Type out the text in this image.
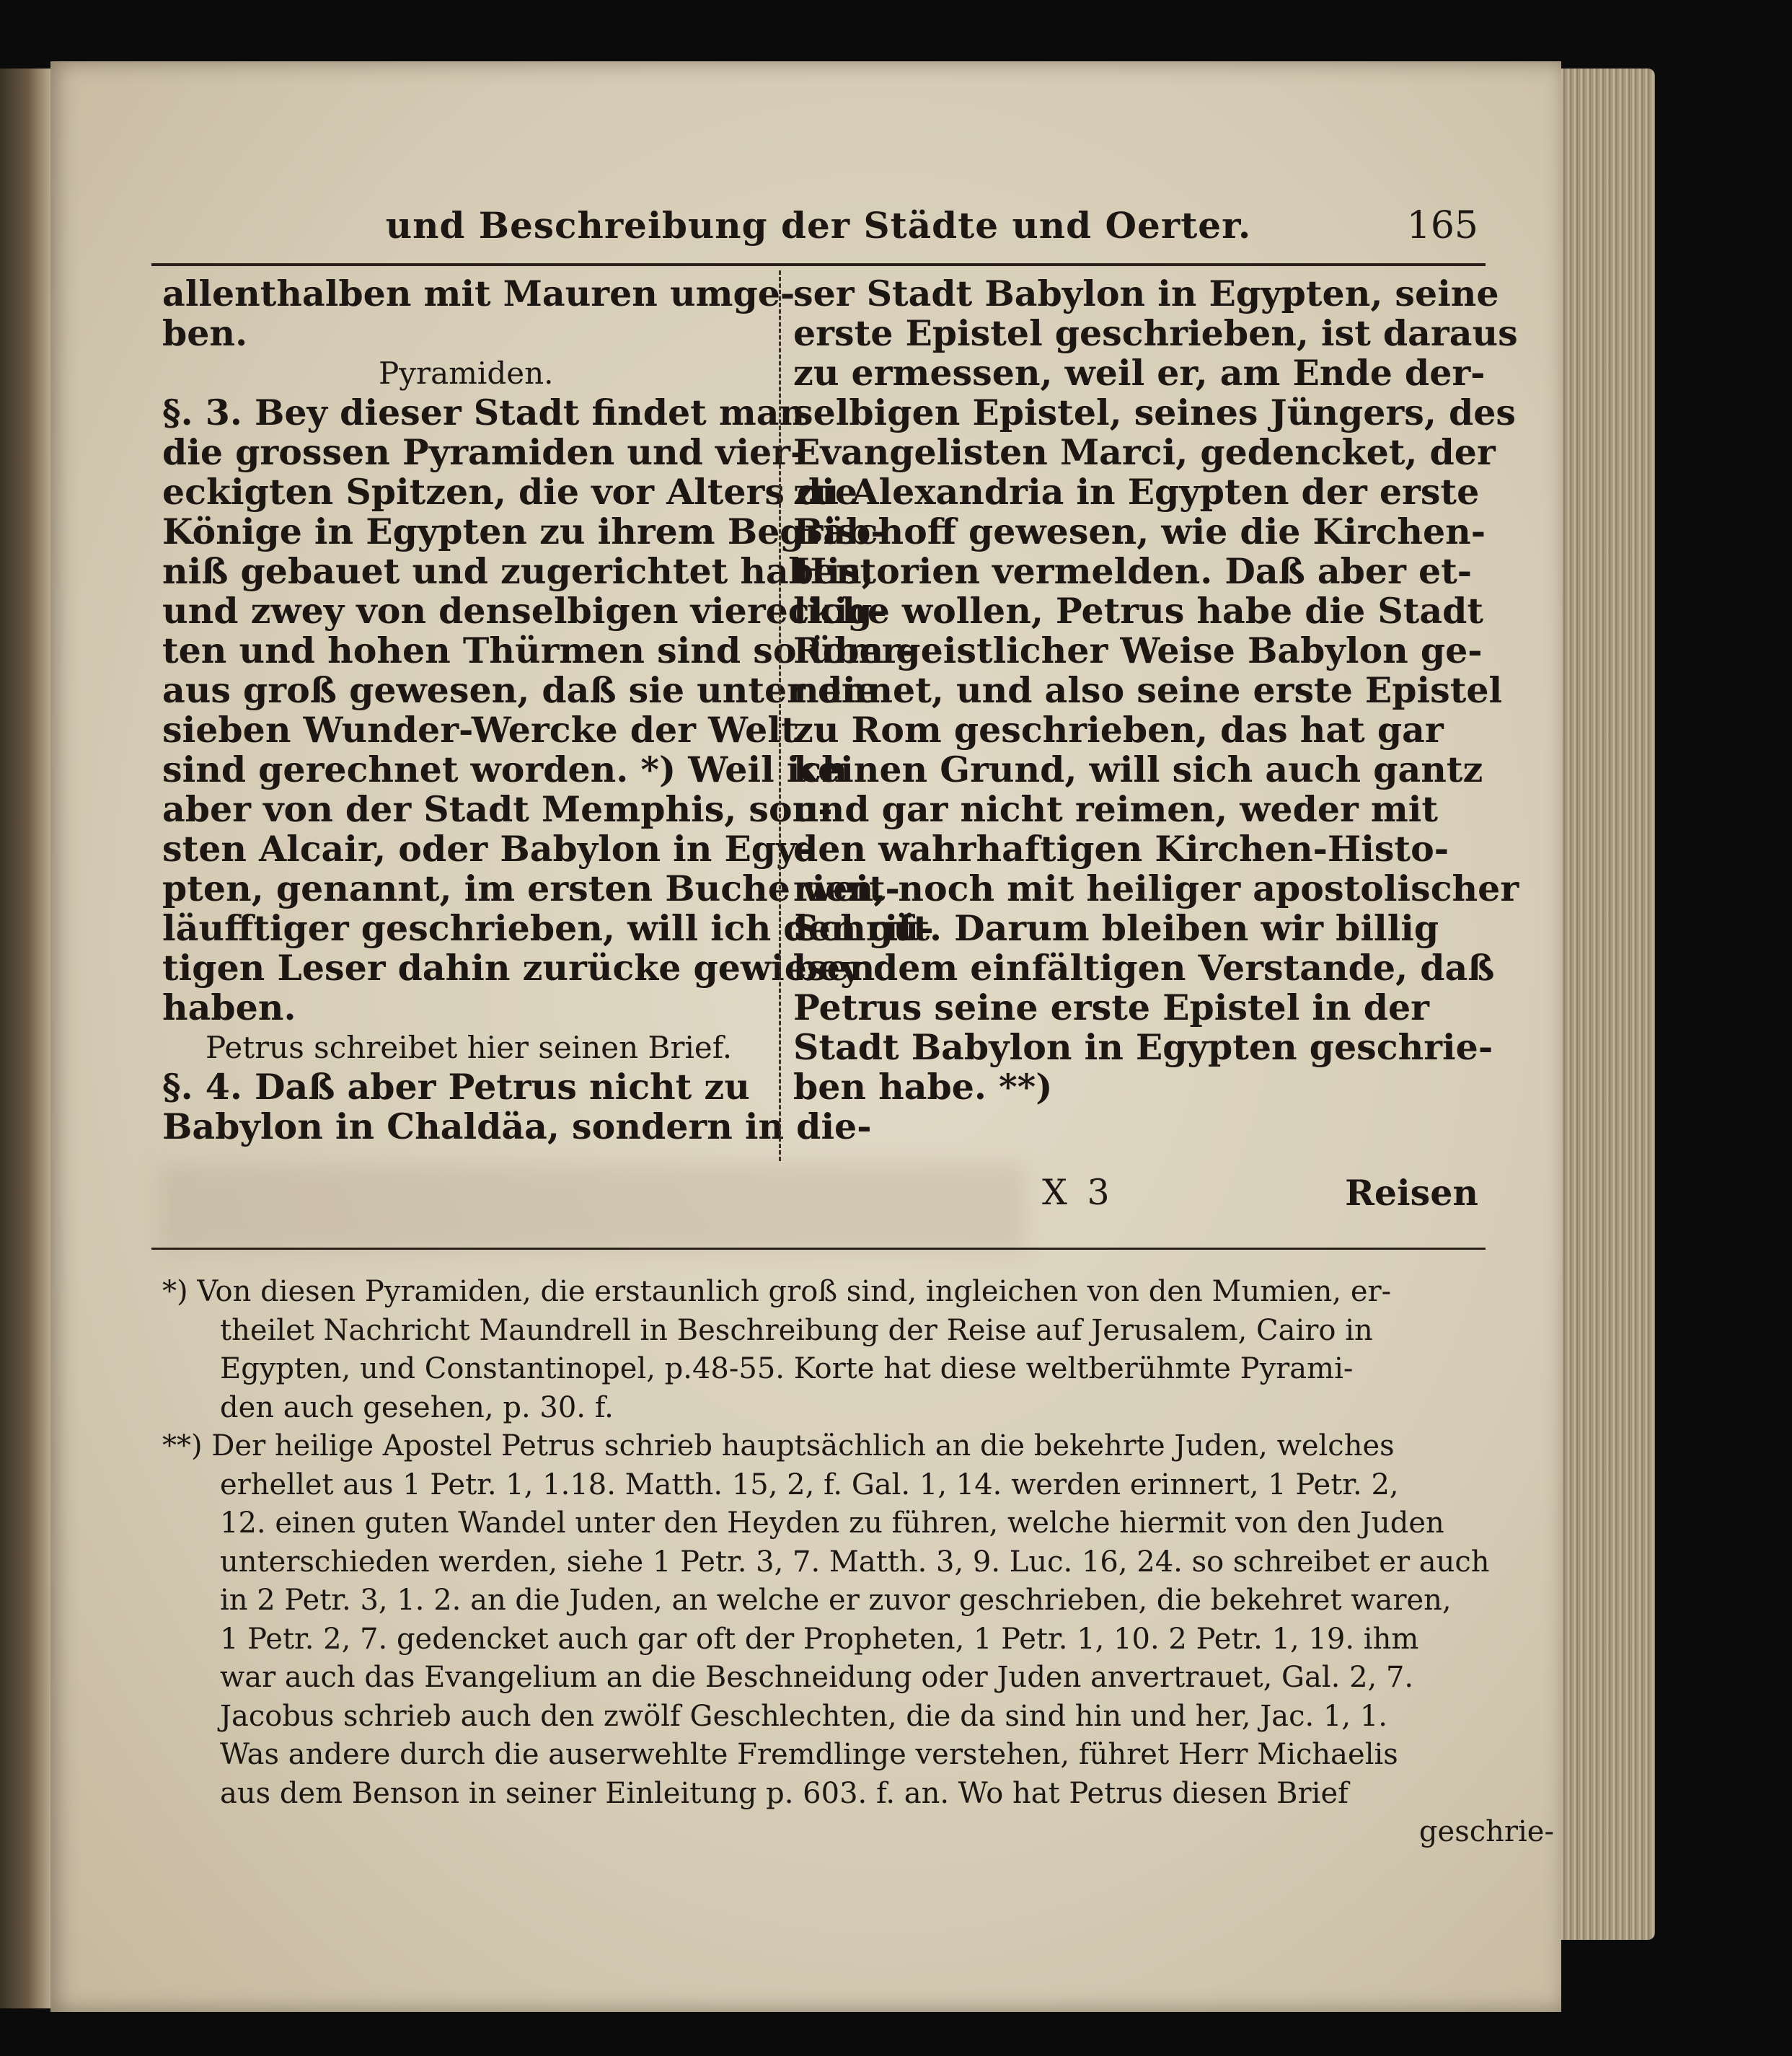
und Beschreibung der Städte und Oerter.	165
allenthalben mit Mauren umge-
ben.
Pyramiden.
§. 3. Bey dieser Stadt findet man
die grossen Pyramiden und vier-
eckigten Spitzen, die vor Alters die
Könige in Egypten zu ihrem Begräb-
niß gebauet und zugerichtet haben,
und zwey von denselbigen viereckig-
ten und hohen Thürmen sind so über-
aus groß gewesen, daß sie unter die
sieben Wunder-Wercke der Welt
sind gerechnet worden. *) Weil ich
aber von der Stadt Memphis, son-
sten Alcair, oder Babylon in Egy-
pten, genannt, im ersten Buche weit-
läufftiger geschrieben, will ich den gü-
tigen Leser dahin zurücke gewiesen
haben.
Petrus schreibet hier seinen Brief.
§. 4. Daß aber Petrus nicht zu
Babylon in Chaldäa, sondern in die-
ser Stadt Babylon in Egypten, seine
erste Epistel geschrieben, ist daraus
zu ermessen, weil er, am Ende der-
selbigen Epistel, seines Jüngers, des
Evangelisten Marci, gedencket, der
zu Alexandria in Egypten der erste
Bischoff gewesen, wie die Kirchen-
Historien vermelden. Daß aber et-
liche wollen, Petrus habe die Stadt
Rom geistlicher Weise Babylon ge-
nennet, und also seine erste Epistel
zu Rom geschrieben, das hat gar
keinen Grund, will sich auch gantz
und gar nicht reimen, weder mit
den wahrhaftigen Kirchen-Histo-
rien, noch mit heiliger apostolischer
Schrift. Darum bleiben wir billig
bey dem einfältigen Verstande, daß
Petrus seine erste Epistel in der
Stadt Babylon in Egypten geschrie-
ben habe. **)
X 3	Reisen
*) Von diesen Pyramiden, die erstaunlich groß sind, ingleichen von den Mumien, er-
theilet Nachricht Maundrell in Beschreibung der Reise auf Jerusalem, Cairo in
Egypten, und Constantinopel, p.48-55. Korte hat diese weltberühmte Pyrami-
den auch gesehen, p. 30. f.
**) Der heilige Apostel Petrus schrieb hauptsächlich an die bekehrte Juden, welches
erhellet aus 1 Petr. 1, 1.18. Matth. 15, 2, f. Gal. 1, 14. werden erinnert, 1 Petr. 2,
12. einen guten Wandel unter den Heyden zu führen, welche hiermit von den Juden
unterschieden werden, siehe 1 Petr. 3, 7. Matth. 3, 9. Luc. 16, 24. so schreibet er auch
in 2 Petr. 3, 1. 2. an die Juden, an welche er zuvor geschrieben, die bekehret waren,
1 Petr. 2, 7. gedencket auch gar oft der Propheten, 1 Petr. 1, 10. 2 Petr. 1, 19. ihm
war auch das Evangelium an die Beschneidung oder Juden anvertrauet, Gal. 2, 7.
Jacobus schrieb auch den zwölf Geschlechten, die da sind hin und her, Jac. 1, 1.
Was andere durch die auserwehlte Fremdlinge verstehen, führet Herr Michaelis
aus dem Benson in seiner Einleitung p. 603. f. an. Wo hat Petrus diesen Brief
geschrie-
